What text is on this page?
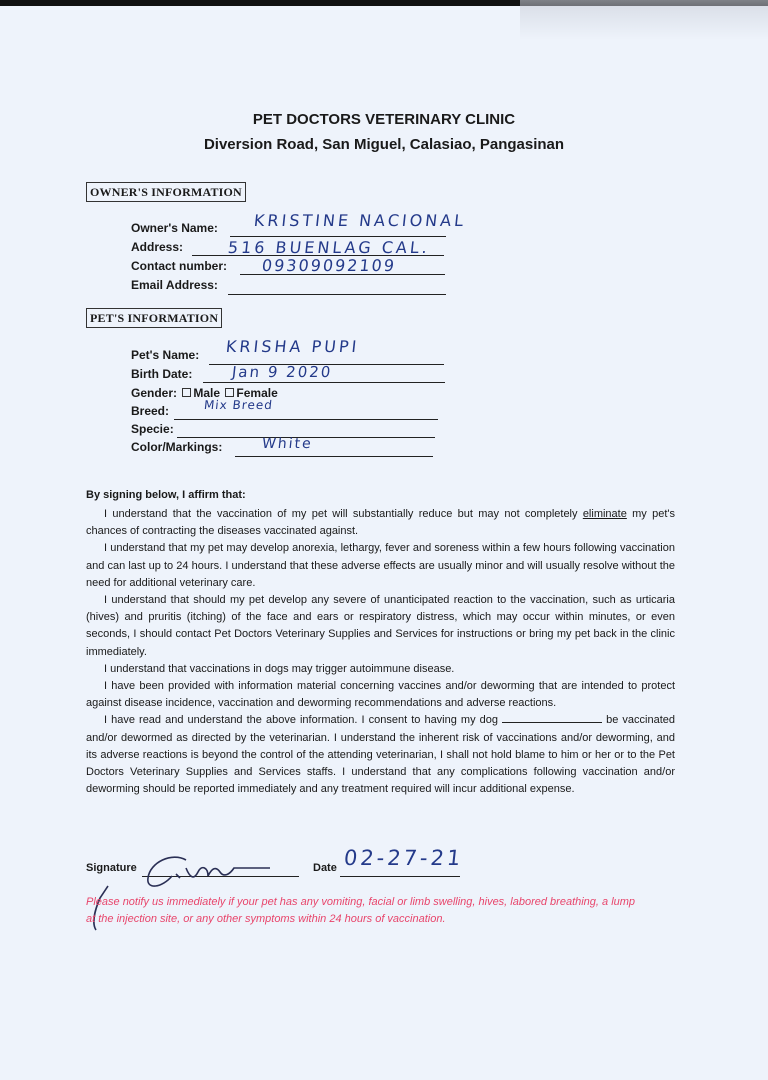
PET DOCTORS VETERINARY CLINIC
Diversion Road, San Miguel, Calasiao, Pangasinan
OWNER'S INFORMATION
Owner's Name: KRISTINE NACIONAL
Address:	516 BUENLAG CAL.
Contact number: 09309092109
Email Address:
PET'S INFORMATION
Pet's Name: KRISHA PUPI
Birth Date:	Jan 9 2020
Gender: Male Female
Breed:	Mix Breed
Specie:
Color/Markings:	White
By signing below, I affirm that:

I understand that the vaccination of my pet will substantially reduce but may not completely eliminate my pet's chances of contracting the diseases vaccinated against.

I understand that my pet may develop anorexia, lethargy, fever and soreness within a few hours following vaccination and can last up to 24 hours. I understand that these adverse effects are usually minor and will usually resolve without the need for additional veterinary care.

I understand that should my pet develop any severe of unanticipated reaction to the vaccination, such as urticaria (hives) and pruritis (itching) of the face and ears or respiratory distress, which may occur within minutes, or even seconds, I should contact Pet Doctors Veterinary Supplies and Services for instructions or bring my pet back in the clinic immediately.

I understand that vaccinations in dogs may trigger autoimmune disease.

I have been provided with information material concerning vaccines and/or deworming that are intended to protect against disease incidence, vaccination and deworming recommendations and adverse reactions.

I have read and understand the above information. I consent to having my dog	be vaccinated and/or dewormed as directed by the veterinarian. I understand the inherent risk of vaccinations and/or deworming, and its adverse reactions is beyond the control of the attending veterinarian, I shall not hold blame to him or her or to the Pet Doctors Veterinary Supplies and Services staffs. I understand that any complications following vaccination and/or deworming should be reported immediately and any treatment required will incur additional expense.

Signature	Date 02-27-21
Please notify us immediately if your pet has any vomiting, facial or limb swelling, hives, labored breathing, a lump at the injection site, or any other symptoms within 24 hours of vaccination.
